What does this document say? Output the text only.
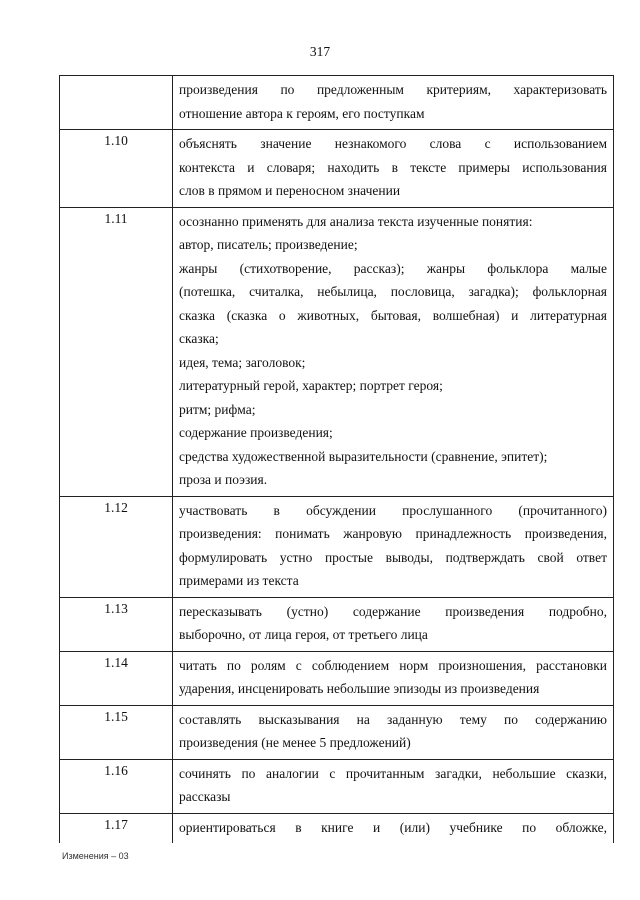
317
произведения по предложенным критериям, характеризовать
отношение автора к героям, его поступкам
1.10	объяснять значение незнакомого слова с использованием
контекста и словаря; находить в тексте примеры использования
слов в прямом и переносном значении
1.11	осознанно применять для анализа текста изученные понятия:
автор, писатель; произведение;
жанры (стихотворение, рассказ); жанры фольклора малые
(потешка, считалка, небылица, пословица, загадка); фольклорная
сказка (сказка о животных, бытовая, волшебная) и литературная
сказка;
идея, тема; заголовок;
литературный герой, характер; портрет героя;
ритм; рифма;
содержание произведения;
средства художественной выразительности (сравнение, эпитет);
проза и поэзия.
1.12	участвовать в обсуждении прослушанного (прочитанного)
произведения: понимать жанровую принадлежность произведения,
формулировать устно простые выводы, подтверждать свой ответ
примерами из текста
1.13	пересказывать (устно) содержание произведения подробно,
выборочно, от лица героя, от третьего лица
1.14	читать по ролям с соблюдением норм произношения, расстановки
ударения, инсценировать небольшие эпизоды из произведения
1.15	составлять высказывания на заданную тему по содержанию
произведения (не менее 5 предложений)
1.16	сочинять по аналогии с прочитанным загадки, небольшие сказки,
рассказы
1.17	ориентироваться в книге и (или) учебнике по обложке,
Изменения – 03
